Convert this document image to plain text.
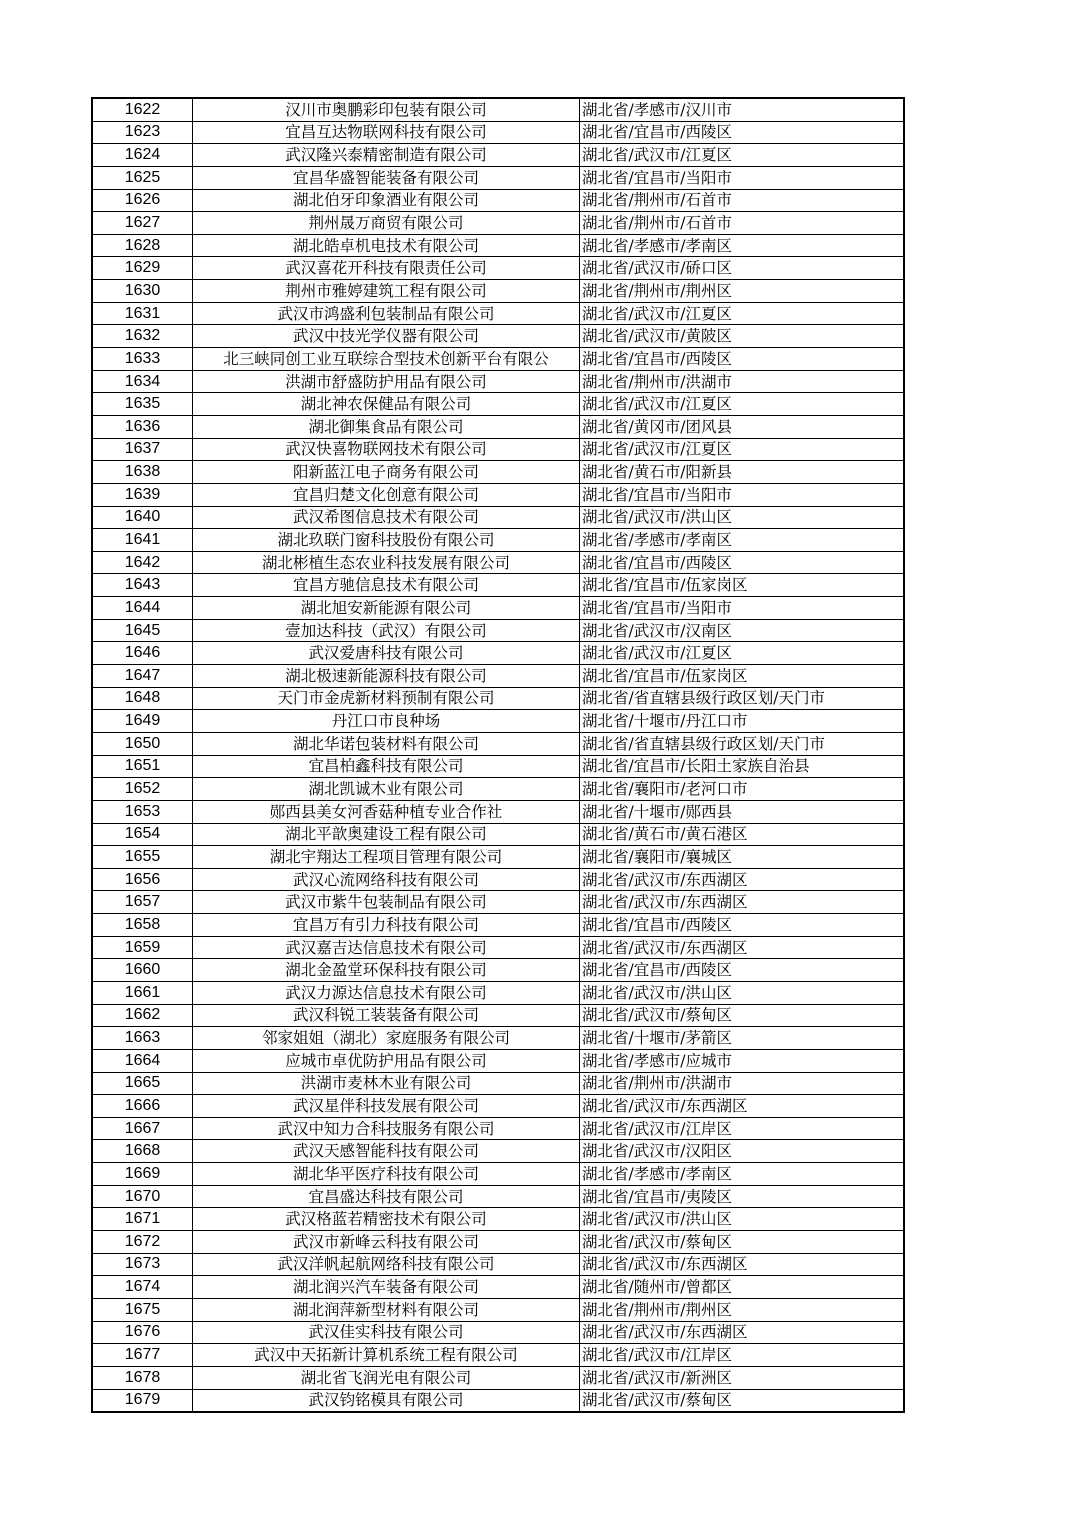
1622	汉川市奥鹏彩印包装有限公司	湖北省/孝感市/汉川市
1623	宜昌互达物联网科技有限公司	湖北省/宜昌市/西陵区
1624	武汉隆兴泰精密制造有限公司	湖北省/武汉市/江夏区
1625	宜昌华盛智能装备有限公司	湖北省/宜昌市/当阳市
1626	湖北伯牙印象酒业有限公司	湖北省/荆州市/石首市
1627	荆州晟万商贸有限公司	湖北省/荆州市/石首市
1628	湖北皓卓机电技术有限公司	湖北省/孝感市/孝南区
1629	武汉喜花开科技有限责任公司	湖北省/武汉市/硚口区
1630	荆州市雅婷建筑工程有限公司	湖北省/荆州市/荆州区
1631	武汉市鸿盛利包装制品有限公司	湖北省/武汉市/江夏区
1632	武汉中技光学仪器有限公司	湖北省/武汉市/黄陂区
1633	北三峡同创工业互联综合型技术创新平台有限公	湖北省/宜昌市/西陵区
1634	洪湖市舒盛防护用品有限公司	湖北省/荆州市/洪湖市
1635	湖北神农保健品有限公司	湖北省/武汉市/江夏区
1636	湖北御集食品有限公司	湖北省/黄冈市/团风县
1637	武汉快喜物联网技术有限公司	湖北省/武汉市/江夏区
1638	阳新蓝江电子商务有限公司	湖北省/黄石市/阳新县
1639	宜昌归楚文化创意有限公司	湖北省/宜昌市/当阳市
1640	武汉希图信息技术有限公司	湖北省/武汉市/洪山区
1641	湖北玖联门窗科技股份有限公司	湖北省/孝感市/孝南区
1642	湖北彬植生态农业科技发展有限公司	湖北省/宜昌市/西陵区
1643	宜昌方驰信息技术有限公司	湖北省/宜昌市/伍家岗区
1644	湖北旭安新能源有限公司	湖北省/宜昌市/当阳市
1645	壹加达科技（武汉）有限公司	湖北省/武汉市/汉南区
1646	武汉爱唐科技有限公司	湖北省/武汉市/江夏区
1647	湖北极速新能源科技有限公司	湖北省/宜昌市/伍家岗区
1648	天门市金虎新材料预制有限公司	湖北省/省直辖县级行政区划/天门市
1649	丹江口市良种场	湖北省/十堰市/丹江口市
1650	湖北华诺包装材料有限公司	湖北省/省直辖县级行政区划/天门市
1651	宜昌柏鑫科技有限公司	湖北省/宜昌市/长阳土家族自治县
1652	湖北凯诚木业有限公司	湖北省/襄阳市/老河口市
1653	郧西县美女河香菇种植专业合作社	湖北省/十堰市/郧西县
1654	湖北平歆奥建设工程有限公司	湖北省/黄石市/黄石港区
1655	湖北宇翔达工程项目管理有限公司	湖北省/襄阳市/襄城区
1656	武汉心流网络科技有限公司	湖北省/武汉市/东西湖区
1657	武汉市紫牛包装制品有限公司	湖北省/武汉市/东西湖区
1658	宜昌万有引力科技有限公司	湖北省/宜昌市/西陵区
1659	武汉嘉吉达信息技术有限公司	湖北省/武汉市/东西湖区
1660	湖北金盈堂环保科技有限公司	湖北省/宜昌市/西陵区
1661	武汉力源达信息技术有限公司	湖北省/武汉市/洪山区
1662	武汉科锐工装装备有限公司	湖北省/武汉市/蔡甸区
1663	邻家姐姐（湖北）家庭服务有限公司	湖北省/十堰市/茅箭区
1664	应城市卓优防护用品有限公司	湖北省/孝感市/应城市
1665	洪湖市麦林木业有限公司	湖北省/荆州市/洪湖市
1666	武汉星伴科技发展有限公司	湖北省/武汉市/东西湖区
1667	武汉中知力合科技服务有限公司	湖北省/武汉市/江岸区
1668	武汉天感智能科技有限公司	湖北省/武汉市/汉阳区
1669	湖北华平医疗科技有限公司	湖北省/孝感市/孝南区
1670	宜昌盛达科技有限公司	湖北省/宜昌市/夷陵区
1671	武汉格蓝若精密技术有限公司	湖北省/武汉市/洪山区
1672	武汉市新峰云科技有限公司	湖北省/武汉市/蔡甸区
1673	武汉洋帆起航网络科技有限公司	湖北省/武汉市/东西湖区
1674	湖北润兴汽车装备有限公司	湖北省/随州市/曾都区
1675	湖北润萍新型材料有限公司	湖北省/荆州市/荆州区
1676	武汉佳实科技有限公司	湖北省/武汉市/东西湖区
1677	武汉中天拓新计算机系统工程有限公司	湖北省/武汉市/江岸区
1678	湖北省飞润光电有限公司	湖北省/武汉市/新洲区
1679	武汉钧铭模具有限公司	湖北省/武汉市/蔡甸区
